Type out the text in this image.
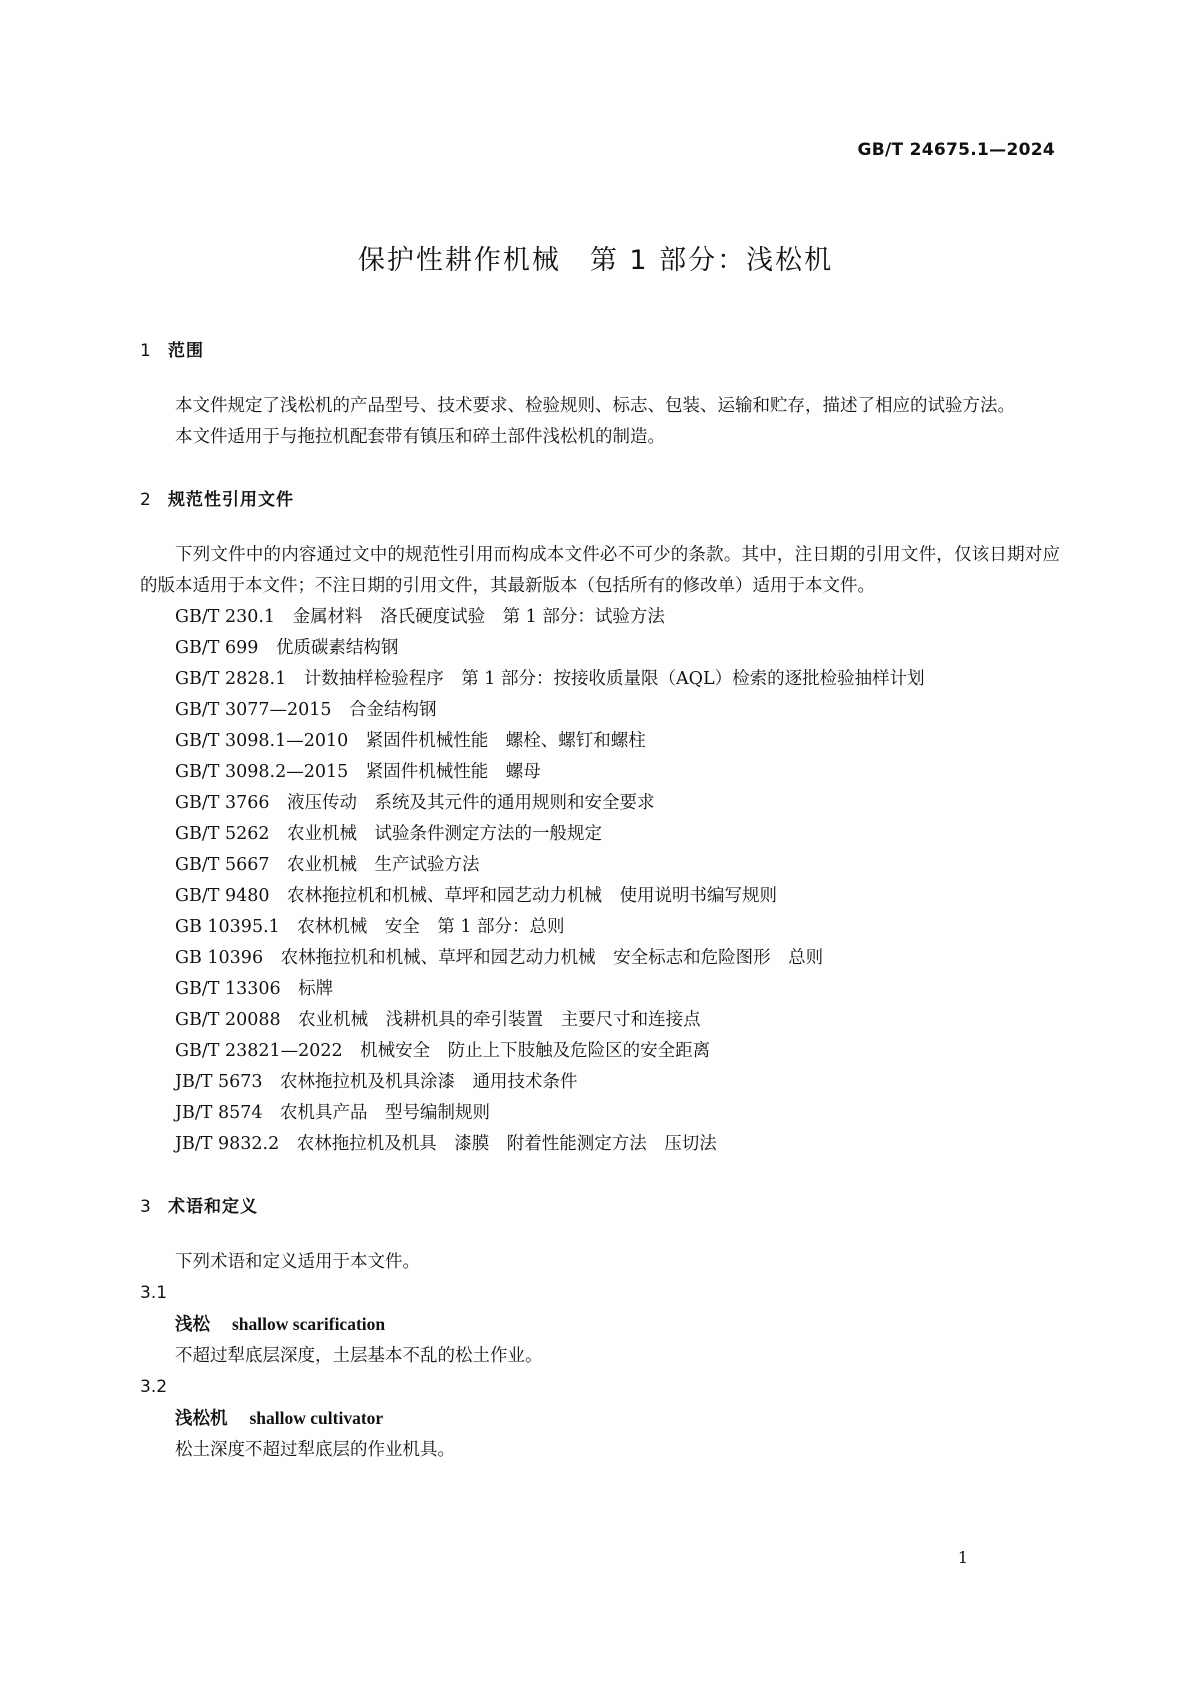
GB/T 24675.1—2024
保护性耕作机械　第 1 部分：浅松机
1 范围

本文件规定了浅松机的产品型号、技术要求、检验规则、标志、包装、运输和贮存，描述了相应的试验方法。

本文件适用于与拖拉机配套带有镇压和碎土部件浅松机的制造。

2 规范性引用文件

下列文件中的内容通过文中的规范性引用而构成本文件必不可少的条款。其中，注日期的引用文件，仅该日期对应的版本适用于本文件；不注日期的引用文件，其最新版本（包括所有的修改单）适用于本文件。

GB/T 230.1　金属材料　洛氏硬度试验　第 1 部分：试验方法
GB/T 699　优质碳素结构钢
GB/T 2828.1　计数抽样检验程序　第 1 部分：按接收质量限（AQL）检索的逐批检验抽样计划
GB/T 3077—2015　合金结构钢
GB/T 3098.1—2010　紧固件机械性能　螺栓、螺钉和螺柱
GB/T 3098.2—2015　紧固件机械性能　螺母
GB/T 3766　液压传动　系统及其元件的通用规则和安全要求
GB/T 5262　农业机械　试验条件测定方法的一般规定
GB/T 5667　农业机械　生产试验方法
GB/T 9480　农林拖拉机和机械、草坪和园艺动力机械　使用说明书编写规则
GB 10395.1　农林机械　安全　第 1 部分：总则
GB 10396　农林拖拉机和机械、草坪和园艺动力机械　安全标志和危险图形　总则
GB/T 13306　标牌
GB/T 20088　农业机械　浅耕机具的牵引装置　主要尺寸和连接点
GB/T 23821—2022　机械安全　防止上下肢触及危险区的安全距离
JB/T 5673　农林拖拉机及机具涂漆　通用技术条件
JB/T 8574　农机具产品　型号编制规则
JB/T 9832.2　农林拖拉机及机具　漆膜　附着性能测定方法　压切法
3 术语和定义

下列术语和定义适用于本文件。

3.1
浅松 shallow scarification
不超过犁底层深度，土层基本不乱的松土作业。
3.2
浅松机 shallow cultivator
松土深度不超过犁底层的作业机具。
1
